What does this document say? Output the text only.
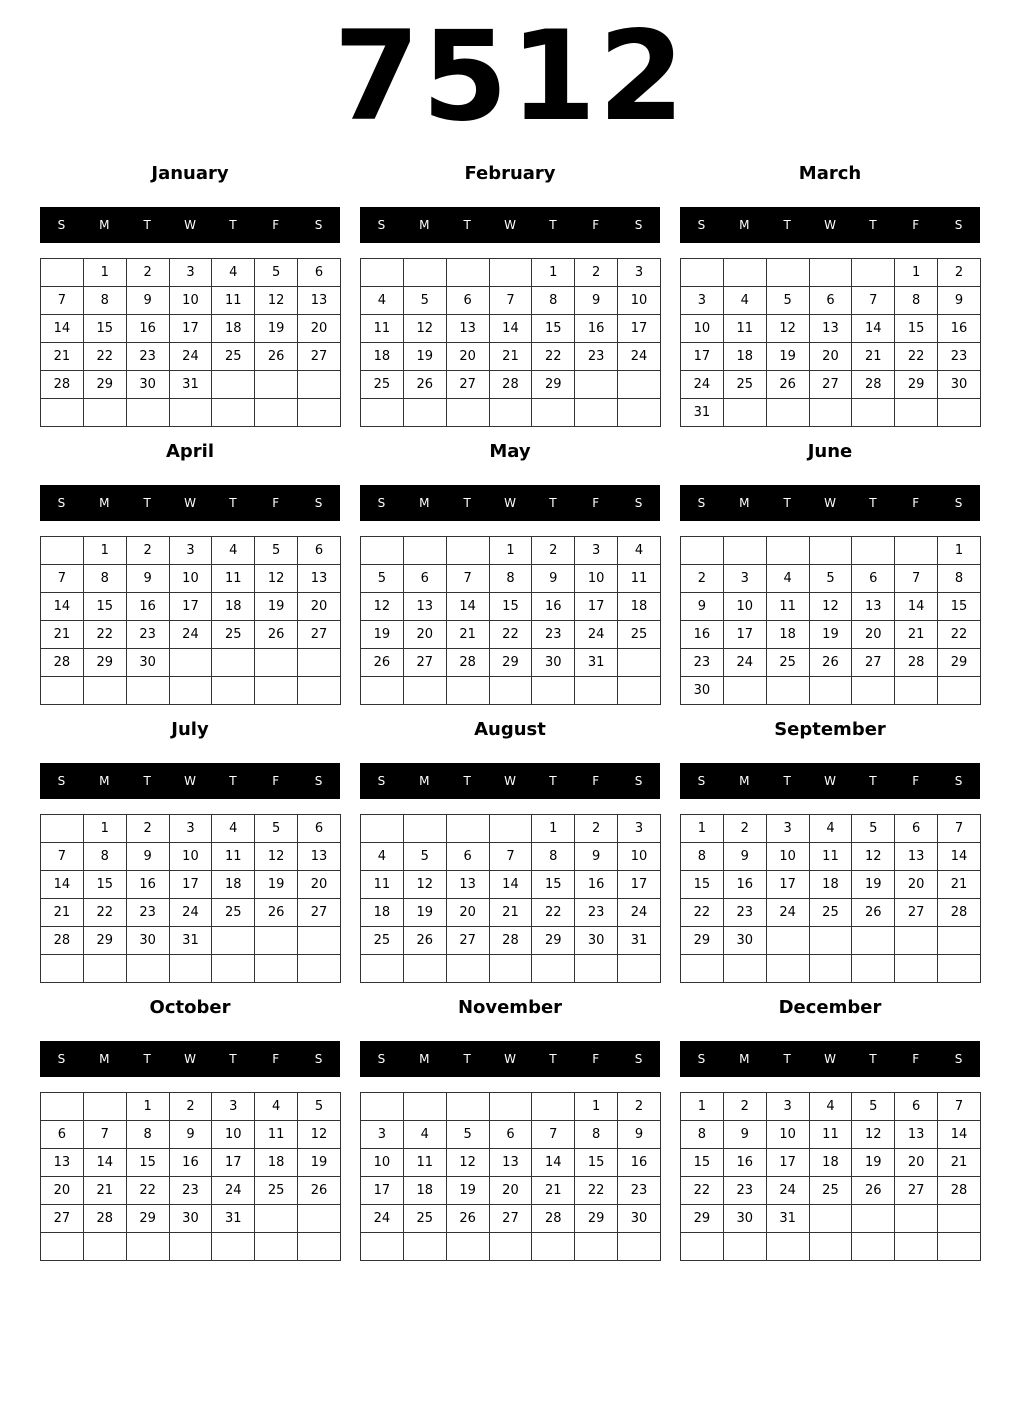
7512
January
S	M	T	W	T	F	S
	1	2	3	4	5	6
7	8	9	10	11	12	13
14	15	16	17	18	19	20
21	22	23	24	25	26	27
28	29	30	31			

February
S	M	T	W	T	F	S
				1	2	3
4	5	6	7	8	9	10
11	12	13	14	15	16	17
18	19	20	21	22	23	24
25	26	27	28	29		

March
S	M	T	W	T	F	S
					1	2
3	4	5	6	7	8	9
10	11	12	13	14	15	16
17	18	19	20	21	22	23
24	25	26	27	28	29	30
31						
April
S	M	T	W	T	F	S
	1	2	3	4	5	6
7	8	9	10	11	12	13
14	15	16	17	18	19	20
21	22	23	24	25	26	27
28	29	30				

May
S	M	T	W	T	F	S
			1	2	3	4
5	6	7	8	9	10	11
12	13	14	15	16	17	18
19	20	21	22	23	24	25
26	27	28	29	30	31	

June
S	M	T	W	T	F	S
						1
2	3	4	5	6	7	8
9	10	11	12	13	14	15
16	17	18	19	20	21	22
23	24	25	26	27	28	29
30						
July
S	M	T	W	T	F	S
	1	2	3	4	5	6
7	8	9	10	11	12	13
14	15	16	17	18	19	20
21	22	23	24	25	26	27
28	29	30	31			

August
S	M	T	W	T	F	S
				1	2	3
4	5	6	7	8	9	10
11	12	13	14	15	16	17
18	19	20	21	22	23	24
25	26	27	28	29	30	31

September
S	M	T	W	T	F	S
1	2	3	4	5	6	7
8	9	10	11	12	13	14
15	16	17	18	19	20	21
22	23	24	25	26	27	28
29	30					

October
S	M	T	W	T	F	S
		1	2	3	4	5
6	7	8	9	10	11	12
13	14	15	16	17	18	19
20	21	22	23	24	25	26
27	28	29	30	31		

November
S	M	T	W	T	F	S
					1	2
3	4	5	6	7	8	9
10	11	12	13	14	15	16
17	18	19	20	21	22	23
24	25	26	27	28	29	30

December
S	M	T	W	T	F	S
1	2	3	4	5	6	7
8	9	10	11	12	13	14
15	16	17	18	19	20	21
22	23	24	25	26	27	28
29	30	31				
